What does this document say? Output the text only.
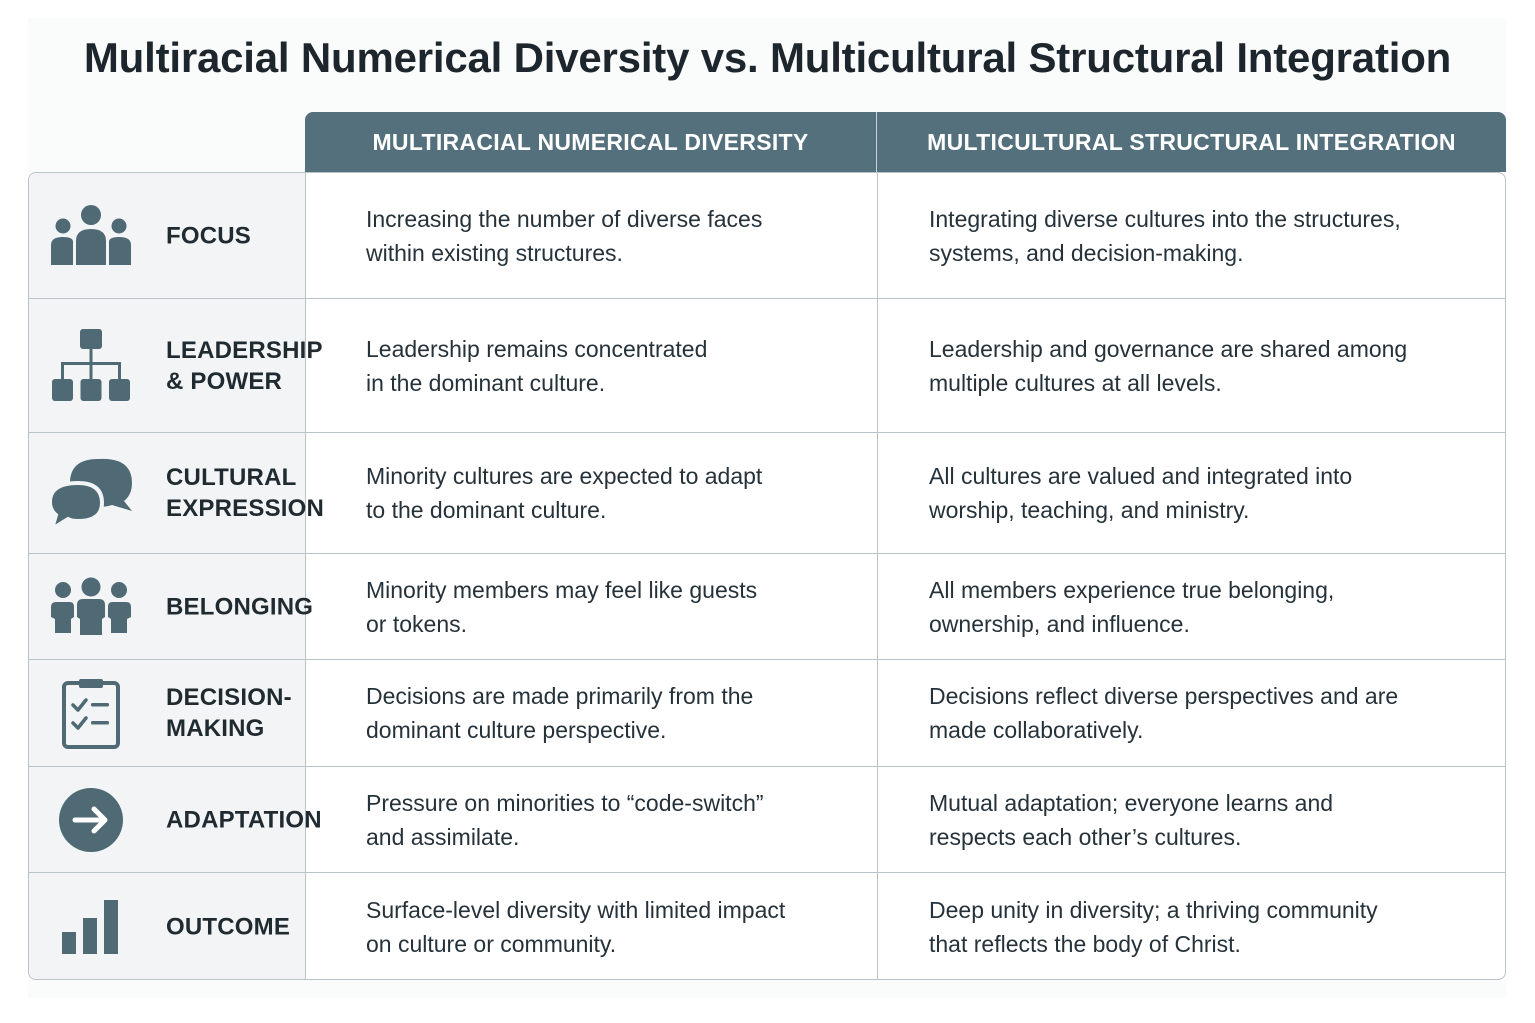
Multiracial Numerical Diversity vs. Multicultural Structural Integration
MULTIRACIAL NUMERICAL DIVERSITY	MULTICULTURAL STRUCTURAL INTEGRATION
FOCUS
Increasing the number of diverse faces
within existing structures.
Integrating diverse cultures into the structures,
systems, and decision-making.
LEADERSHIP
& POWER
Leadership remains concentrated
in the dominant culture.
Leadership and governance are shared among
multiple cultures at all levels.
CULTURAL
EXPRESSION
Minority cultures are expected to adapt
to the dominant culture.
All cultures are valued and integrated into
worship, teaching, and ministry.
BELONGING
Minority members may feel like guests
or tokens.
All members experience true belonging,
ownership, and influence.
DECISION-
MAKING
Decisions are made primarily from the
dominant culture perspective.
Decisions reflect diverse perspectives and are
made collaboratively.
ADAPTATION
Pressure on minorities to “code-switch”
and assimilate.
Mutual adaptation; everyone learns and
respects each other’s cultures.
OUTCOME
Surface-level diversity with limited impact
on culture or community.
Deep unity in diversity; a thriving community
that reflects the body of Christ.
